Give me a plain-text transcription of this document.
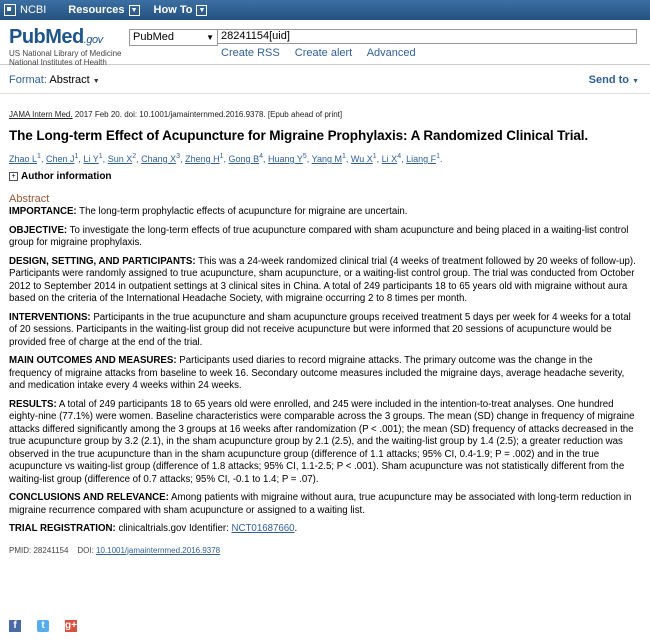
NCBI Resources ▼ How To ▼
PubMed.gov
US National Library of Medicine
National Institutes of Health
PubMed	▼
28241154[uid]
Create RSS Create alert Advanced
Format: Abstract ▼	Send to ▼
JAMA Intern Med. 2017 Feb 20. doi: 10.1001/jamainternmed.2016.9378. [Epub ahead of print]
The Long-term Effect of Acupuncture for Migraine Prophylaxis: A Randomized Clinical Trial.
Zhao $L^1$, Chen $J^1$, Li $Y^1$, Sun $X^2$, Chang $X^3$, Zheng $H^1$, Gong $B^4$, Huang $Y^5$, Yang $M^1$, Wu $X^1$, Li $X^4$, Liang $F^1$.
+ Author information
Abstract

IMPORTANCE: The long-term prophylactic effects of acupuncture for migraine are uncertain.

OBJECTIVE: To investigate the long-term effects of true acupuncture compared with sham acupuncture and being placed in a waiting-list control group for migraine prophylaxis.

DESIGN, SETTING, AND PARTICIPANTS: This was a 24-week randomized clinical trial (4 weeks of treatment followed by 20 weeks of follow-up). Participants were randomly assigned to true acupuncture, sham acupuncture, or a waiting-list control group. The trial was conducted from October 2012 to September 2014 in outpatient settings at 3 clinical sites in China. A total of 249 participants 18 to 65 years old with migraine without aura based on the criteria of the International Headache Society, with migraine occurring 2 to 8 times per month.

INTERVENTIONS: Participants in the true acupuncture and sham acupuncture groups received treatment 5 days per week for 4 weeks for a total of 20 sessions. Participants in the waiting-list group did not receive acupuncture but were informed that 20 sessions of acupuncture would be provided free of charge at the end of the trial.

MAIN OUTCOMES AND MEASURES: Participants used diaries to record migraine attacks. The primary outcome was the change in the frequency of migraine attacks from baseline to week 16. Secondary outcome measures included the migraine days, average headache severity, and medication intake every 4 weeks within 24 weeks.

RESULTS: A total of 249 participants 18 to 65 years old were enrolled, and 245 were included in the intention-to-treat analyses. One hundred eighty-nine (77.1%) were women. Baseline characteristics were comparable across the 3 groups. The mean (SD) change in frequency of migraine attacks differed significantly among the 3 groups at 16 weeks after randomization (P < .001); the mean (SD) frequency of attacks decreased in the true acupuncture group by 3.2 (2.1), in the sham acupuncture group by 2.1 (2.5), and the waiting-list group by 1.4 (2.5); a greater reduction was observed in the true acupuncture than in the sham acupuncture group (difference of 1.1 attacks; 95% CI, 0.4-1.9; P = .002) and in the true acupuncture vs waiting-list group (difference of 1.8 attacks; 95% CI, 1.1-2.5; P < .001). Sham acupuncture was not statistically different from the waiting-list group (difference of 0.7 attacks; 95% CI, -0.1 to 1.4; P = .07).

CONCLUSIONS AND RELEVANCE: Among patients with migraine without aura, true acupuncture may be associated with long-term reduction in migraine recurrence compared with sham acupuncture or assigned to a waiting list.

TRIAL REGISTRATION: clinicaltrials.gov Identifier: NCT01687660.

PMID: 28241154 DOI: 10.1001/jamainternmed.2016.9378
f	t	g+
